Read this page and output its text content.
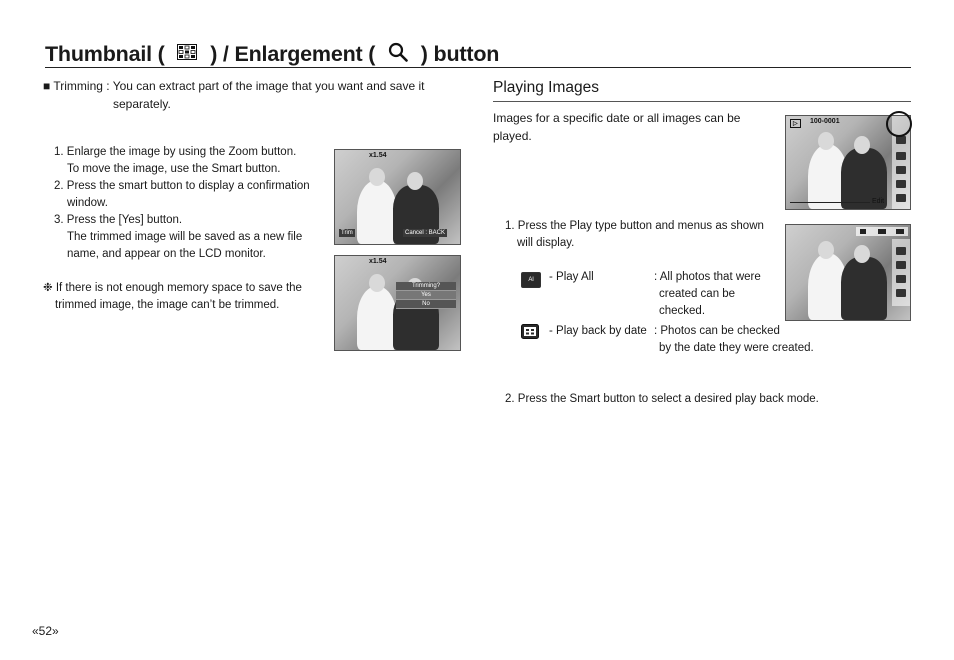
Thumbnail ( ) / Enlargement ( ) button
■ Trimming : You can extract part of the image that you want and save it
separately.
1. Enlarge the image by using the Zoom button.
To move the image, use the Smart button.
2. Press the smart button to display a confirmation
window.
3. Press the [Yes] button.
The trimmed image will be saved as a new file
name, and appear on the LCD monitor.
❉ If there is not enough memory space to save the
trimmed image, the image can’t be trimmed.
x1.54
Trim	Cancel : BACK
x1.54
Trimming?
Yes
No
Playing Images
Images for a specific date or all images can be
played.
▷	100-0001
Edit
1. Press the Play type button and menus as shown
will display.
Al	- Play All	: All photos that were
created can be
checked.
- Play back by date : Photos can be checked
by the date they were created.
2. Press the Smart button to select a desired play back mode.
«52»
